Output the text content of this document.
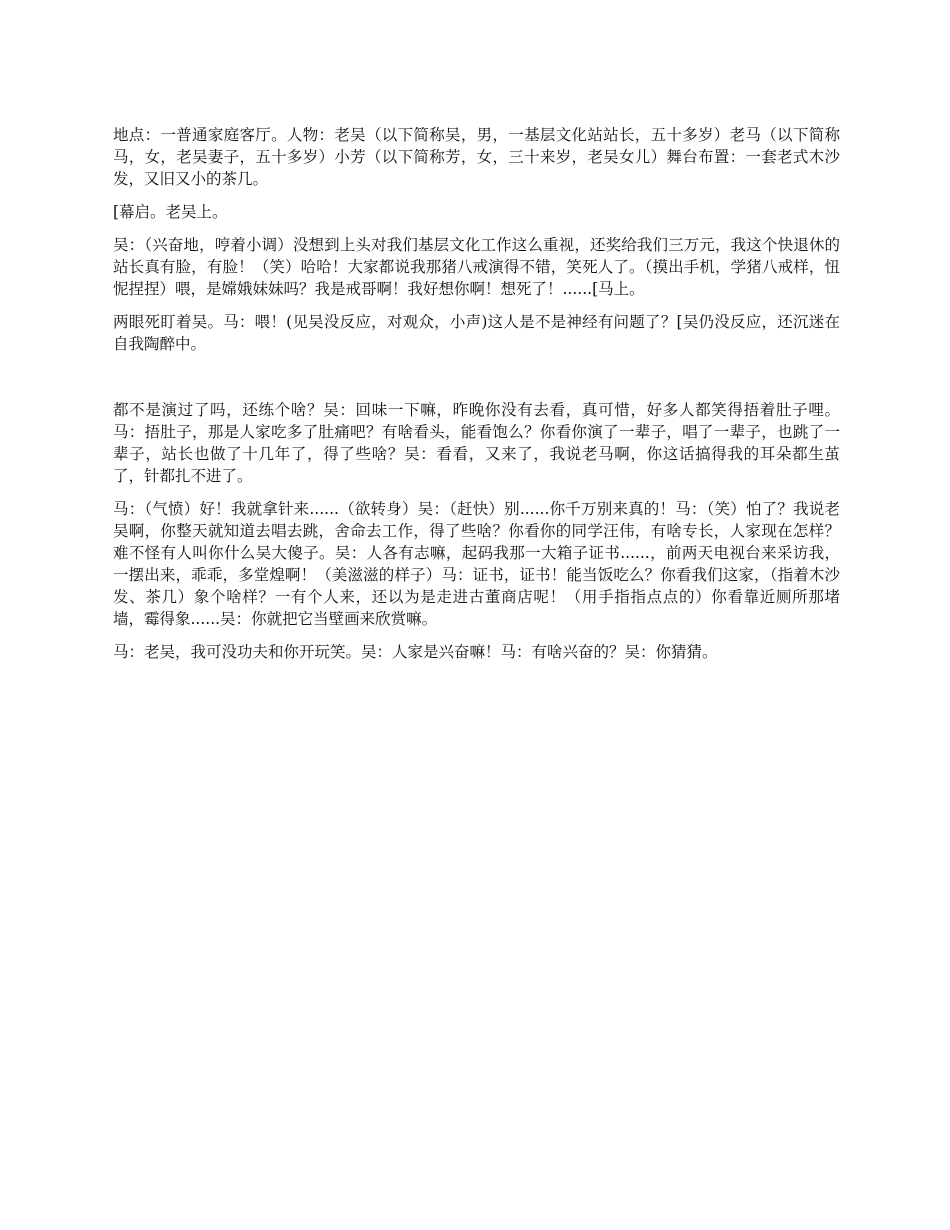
地点：一普通家庭客厅。人物：老吴（以下简称吴，男，一基层文化站站长，五十多岁）老马（以下简称马，女，老吴妻子，五十多岁）小芳（以下简称芳，女，三十来岁，老吴女儿）舞台布置：一套老式木沙发，又旧又小的茶几。

[幕启。老吴上。

吴：（兴奋地，哼着小调）没想到上头对我们基层文化工作这么重视，还奖给我们三万元，我这个快退休的站长真有脸，有脸！（笑）哈哈！大家都说我那猪八戒演得不错，笑死人了。（摸出手机，学猪八戒样，忸怩捏捏）喂，是嫦娥妹妹吗？我是戒哥啊！我好想你啊！想死了！......[马上。

两眼死盯着吴。马：喂！(见吴没反应，对观众，小声)这人是不是神经有问题了？[吴仍没反应，还沉迷在自我陶醉中。

都不是演过了吗，还练个啥？吴：回味一下嘛，昨晚你没有去看，真可惜，好多人都笑得捂着肚子哩。马：捂肚子，那是人家吃多了肚痛吧？有啥看头，能看饱么？你看你演了一辈子，唱了一辈子，也跳了一辈子，站长也做了十几年了，得了些啥？吴：看看，又来了，我说老马啊，你这话搞得我的耳朵都生茧了，针都扎不进了。

马：（气愤）好！我就拿针来......（欲转身）吴：（赶快）别......你千万别来真的！马：（笑）怕了？我说老吴啊，你整天就知道去唱去跳，舍命去工作，得了些啥？你看你的同学汪伟，有啥专长，人家现在怎样？难不怪有人叫你什么吴大傻子。吴：人各有志嘛，起码我那一大箱子证书......，前两天电视台来采访我，一摆出来，乖乖，多堂煌啊！（美滋滋的样子）马：证书，证书！能当饭吃么？你看我们这家，（指着木沙发、茶几）象个啥样？一有个人来，还以为是走进古董商店呢！（用手指指点点的）你看靠近厕所那堵墙，霉得象......吴：你就把它当壁画来欣赏嘛。

马：老吴，我可没功夫和你开玩笑。吴：人家是兴奋嘛！马：有啥兴奋的？吴：你猜猜。
